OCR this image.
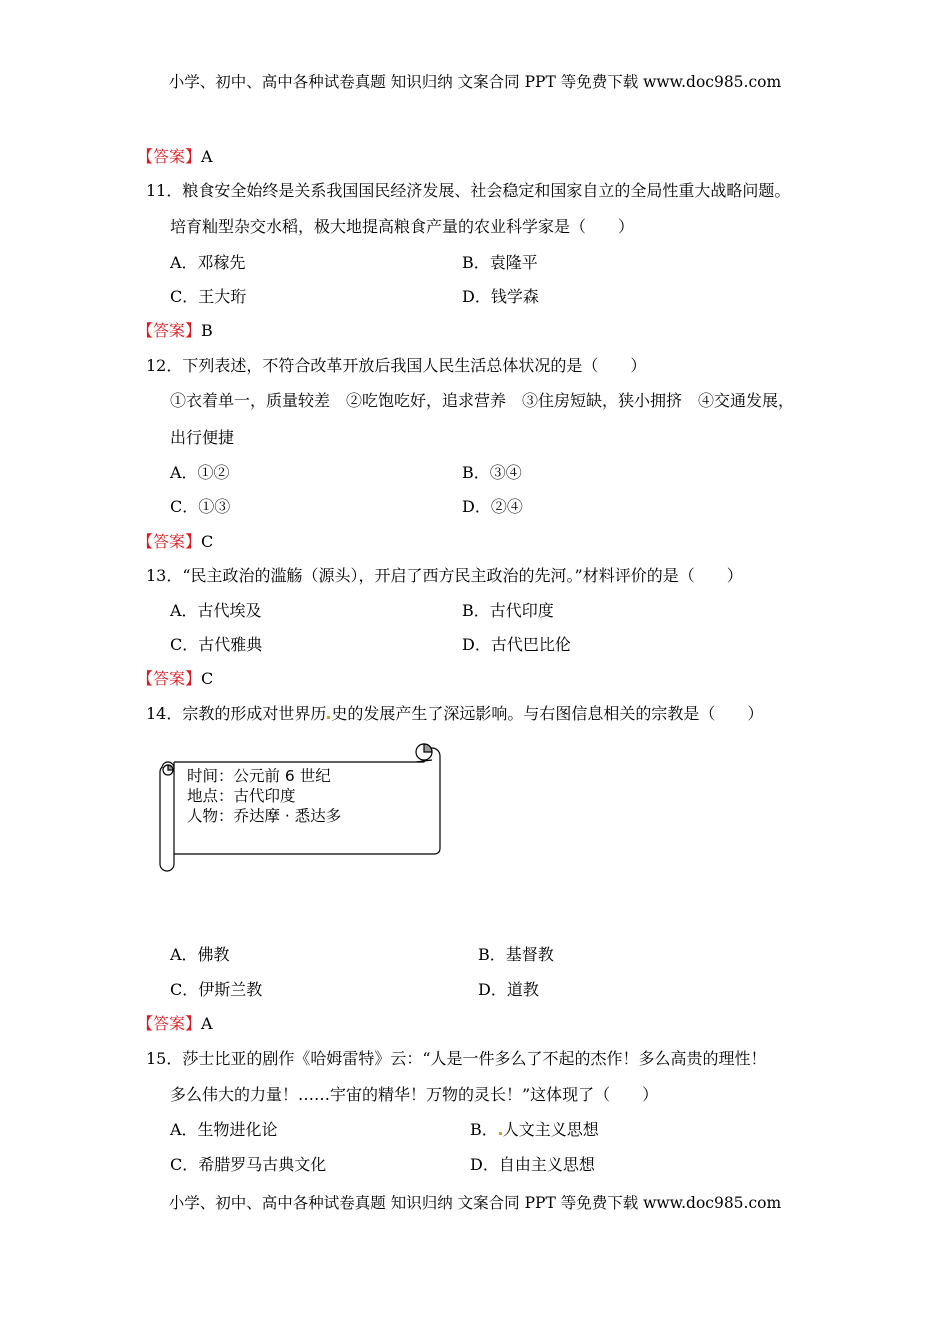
小学、初中、高中各种试卷真题 知识归纳 文案合同 PPT 等免费下载 www.doc985.com
【答案】A
11．粮食安全始终是关系我国国民经济发展、社会稳定和国家自立的全局性重大战略问题。
培育籼型杂交水稻，极大地提高粮食产量的农业科学家是（　　）
A．邓稼先	B．袁隆平
C．王大珩	D．钱学森
【答案】B
12．下列表述，不符合改革开放后我国人民生活总体状况的是（　　）
①衣着单一，质量较差　②吃饱吃好，追求营养　③住房短缺，狭小拥挤　④交通发展，
出行便捷
A．①②	B．③④
C．①③	D．②④
【答案】C
13．“民主政治的滥觞（源头），开启了西方民主政治的先河。”材料评价的是（　　）
A．古代埃及	B．古代印度
C．古代雅典	D．古代巴比伦
【答案】C
14．宗教的形成对世界历 史的发展产生了深远影响。与右图信息相关的宗教是（　　）
时间：公元前 6 世纪
地点：古代印度
人物：乔达摩 · 悉达多
A．佛教	B．基督教
C．伊斯兰教	D．道教
【答案】A
15．莎士比亚的剧作《哈姆雷特》云：“人是一件多么了不起的杰作！多么高贵的理性！
多么伟大的力量！……宇宙的精华！万物的灵长！”这体现了（　　）
A．生物进化论	B． 人文主义思想
C．希腊罗马古典文化	D．自由主义思想
小学、初中、高中各种试卷真题 知识归纳 文案合同 PPT 等免费下载 www.doc985.com
